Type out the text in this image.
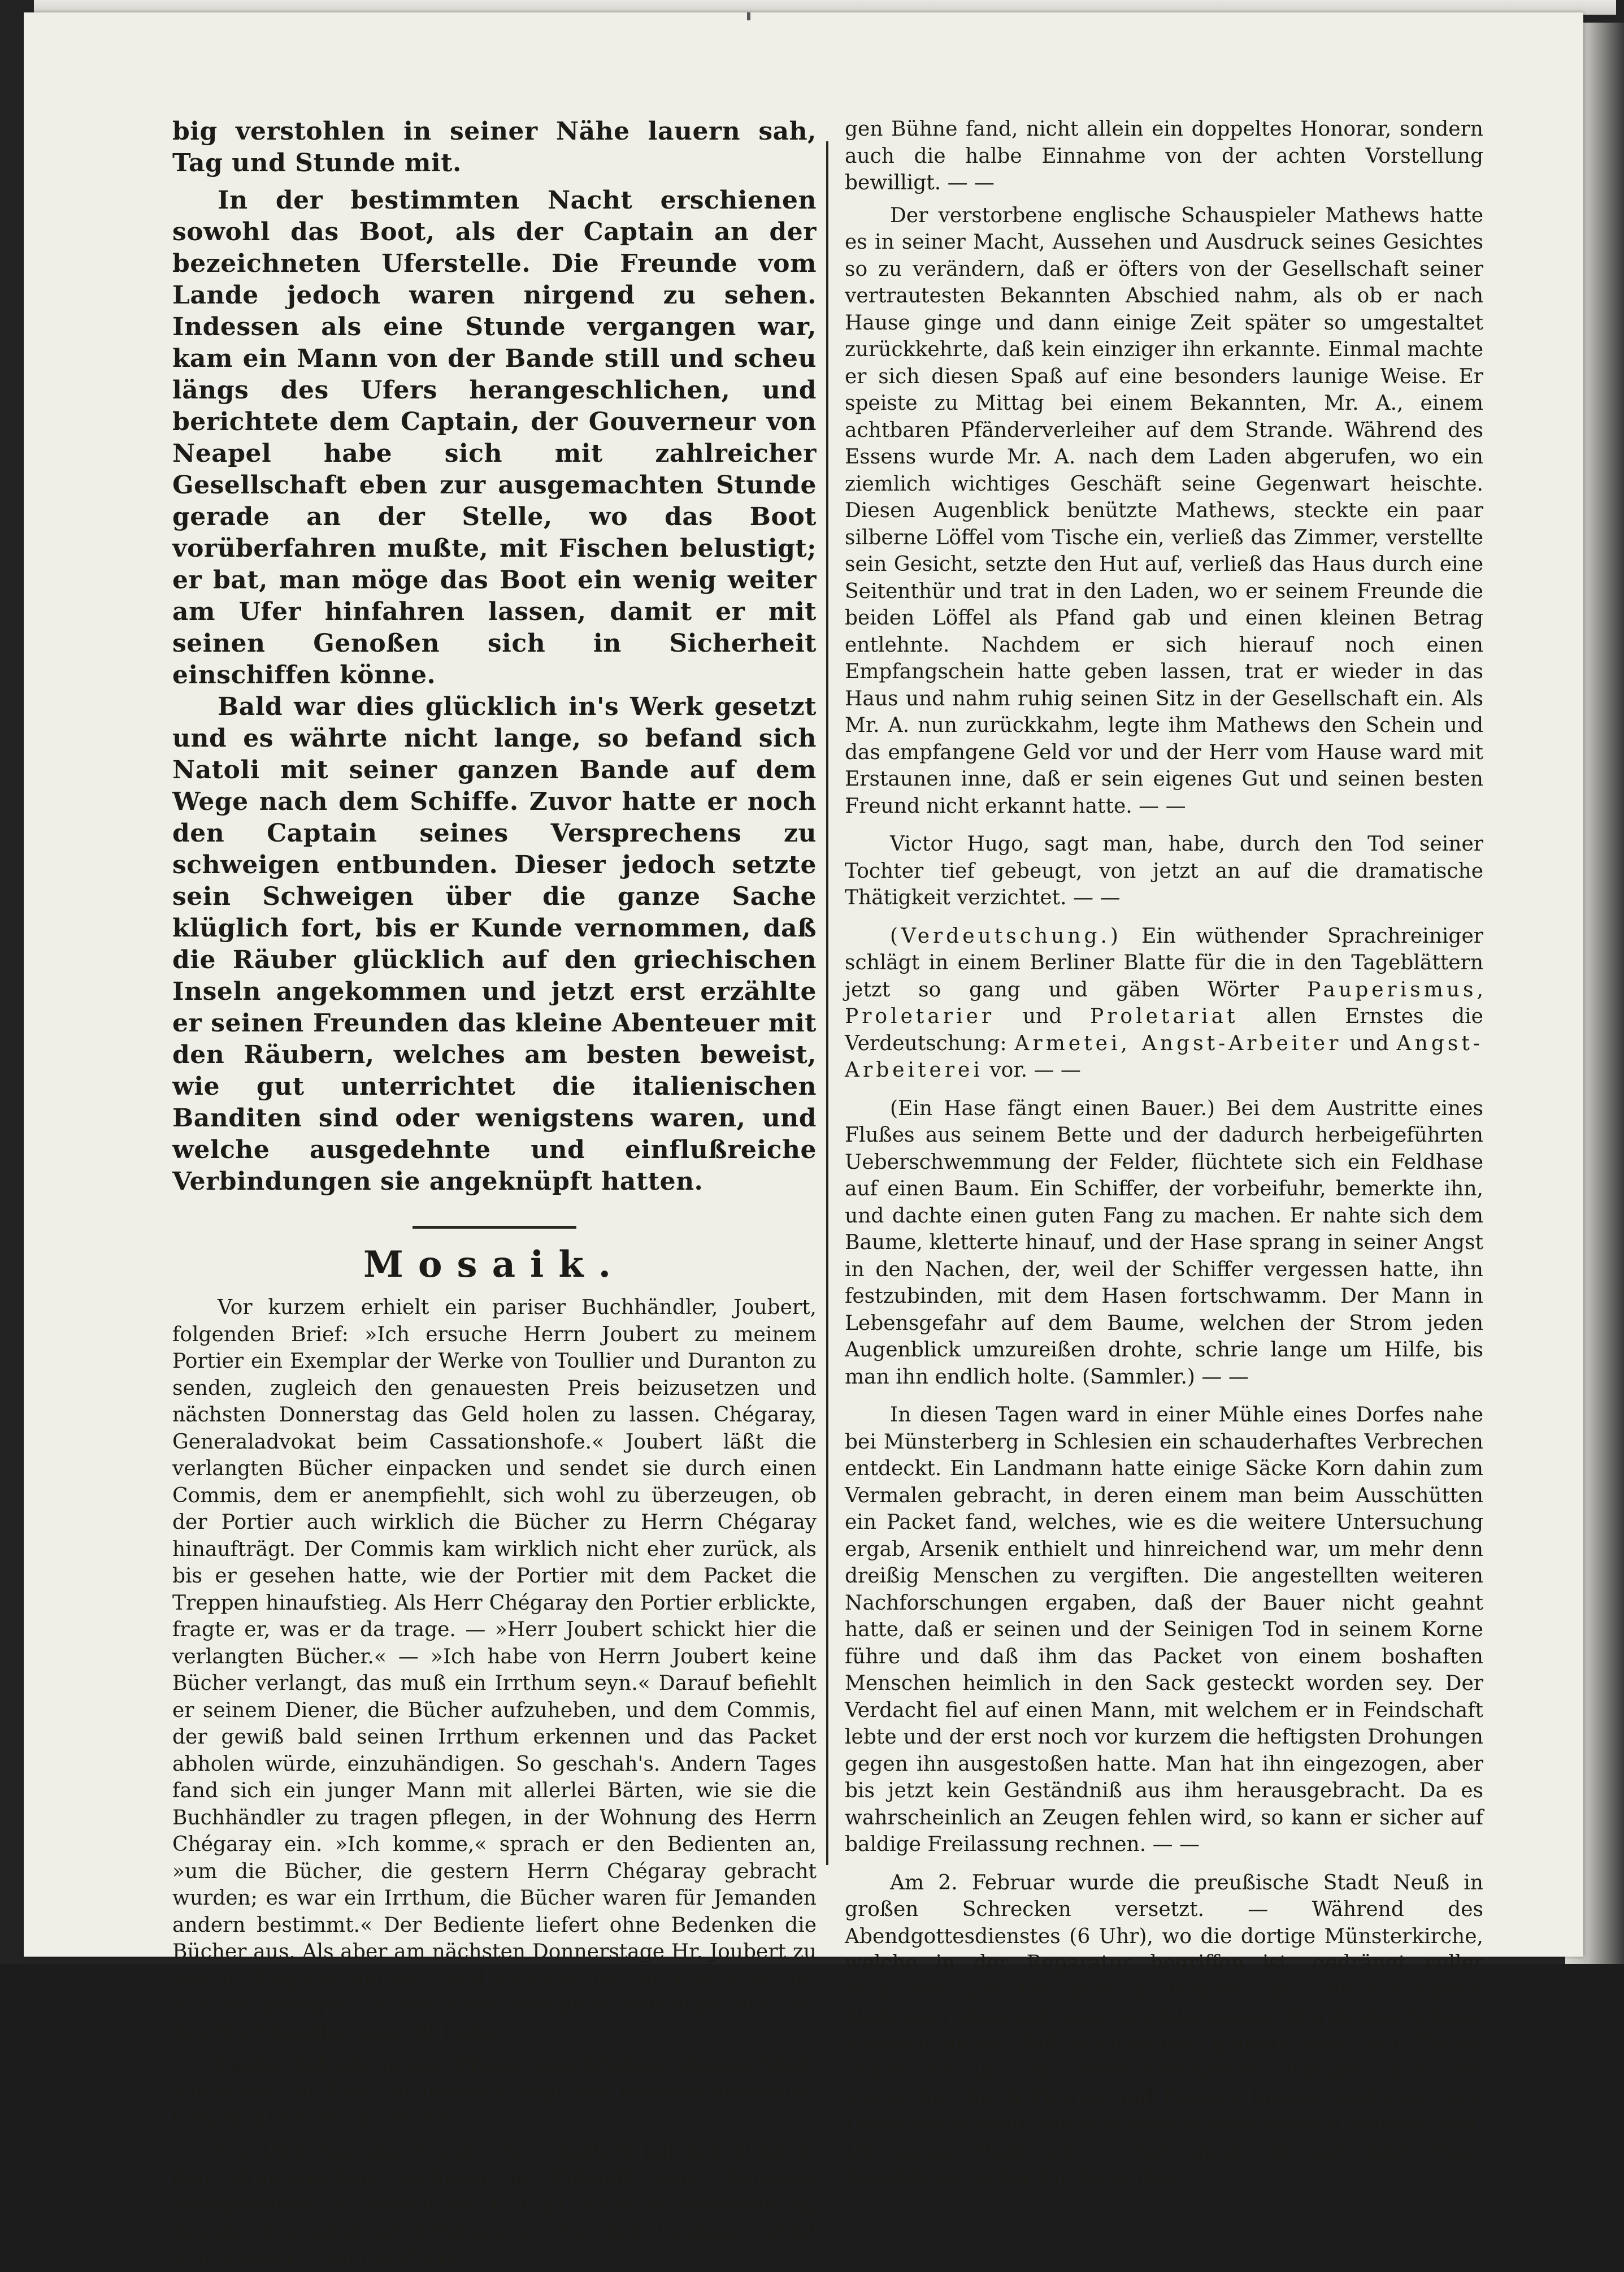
big verstohlen in seiner Nähe lauern sah, Tag und Stunde mit.

In der bestimmten Nacht erschienen sowohl das Boot, als der Captain an der bezeichneten Uferstelle. Die Freunde vom Lande jedoch waren nirgend zu sehen. Indessen als eine Stunde vergangen war, kam ein Mann von der Bande still und scheu längs des Ufers herangeschlichen, und berichtete dem Captain, der Gouverneur von Neapel habe sich mit zahlreicher Gesellschaft eben zur ausgemachten Stunde gerade an der Stelle, wo das Boot vorüberfahren mußte, mit Fischen belustigt; er bat, man möge das Boot ein wenig weiter am Ufer hinfahren lassen, damit er mit seinen Genoßen sich in Sicherheit einschiffen könne.

Bald war dies glücklich in's Werk gesetzt und es währte nicht lange, so befand sich Natoli mit seiner ganzen Bande auf dem Wege nach dem Schiffe. Zuvor hatte er noch den Captain seines Versprechens zu schweigen entbunden. Dieser jedoch setzte sein Schweigen über die ganze Sache klüglich fort, bis er Kunde vernommen, daß die Räuber glücklich auf den griechischen Inseln angekommen und jetzt erst erzählte er seinen Freunden das kleine Abenteuer mit den Räubern, welches am besten beweist, wie gut unterrichtet die italienischen Banditen sind oder wenigstens waren, und welche ausgedehnte und einflußreiche Verbindungen sie angeknüpft hatten.

Mosaik.

Vor kurzem erhielt ein pariser Buchhändler, Joubert, folgenden Brief: »Ich ersuche Herrn Joubert zu meinem Portier ein Exemplar der Werke von Toullier und Duranton zu senden, zugleich den genauesten Preis beizusetzen und nächsten Donnerstag das Geld holen zu lassen. Chégaray, Generaladvokat beim Cassationshofe.« Joubert läßt die verlangten Bücher einpacken und sendet sie durch einen Commis, dem er anempfiehlt, sich wohl zu überzeugen, ob der Portier auch wirklich die Bücher zu Herrn Chégaray hinaufträgt. Der Commis kam wirklich nicht eher zurück, als bis er gesehen hatte, wie der Portier mit dem Packet die Treppen hinaufstieg. Als Herr Chégaray den Portier erblickte, fragte er, was er da trage. — »Herr Joubert schickt hier die verlangten Bücher.« — »Ich habe von Herrn Joubert keine Bücher verlangt, das muß ein Irrthum seyn.« Darauf befiehlt er seinem Diener, die Bücher aufzuheben, und dem Commis, der gewiß bald seinen Irrthum erkennen und das Packet abholen würde, einzuhändigen. So geschah's. Andern Tages fand sich ein junger Mann mit allerlei Bärten, wie sie die Buchhändler zu tragen pflegen, in der Wohnung des Herrn Chégaray ein. »Ich komme,« sprach er den Bedienten an, »um die Bücher, die gestern Herrn Chégaray gebracht wurden; es war ein Irrthum, die Bücher waren für Jemanden andern bestimmt.« Der Bediente liefert ohne Bedenken die Bücher aus. Als aber am nächsten Donnerstage Hr. Joubert zu Herrn Chégaray um das Geld schickte, da klärte es sich auf, daß ein pfiffiger Gauner diese Irrthümer herbeigeführt und den Buchhändler geprellt hatte. — —

Laube hat ein neues Drama geschrieben, dessen Stoff, wie schon der Titel »Struensee« zeigt, der neueren dänischen Geschichte entnommen ist. — —

Die Direktion des Frankfurter Theaters hat beschlossen, den dramatischen Dichtern in Zukunft eine Tantième zuzugestehen. So erhielt Dr. K. Gutzkow in Anerkennung des überaus günstigen Erfolges, welchen sein Lustspiel »Zopf und Schwert« auf der dorti-

gen Bühne fand, nicht allein ein doppeltes Honorar, sondern auch die halbe Einnahme von der achten Vorstellung bewilligt. — —

Der verstorbene englische Schauspieler Mathews hatte es in seiner Macht, Aussehen und Ausdruck seines Gesichtes so zu verändern, daß er öfters von der Gesellschaft seiner vertrautesten Bekannten Abschied nahm, als ob er nach Hause ginge und dann einige Zeit später so umgestaltet zurückkehrte, daß kein einziger ihn erkannte. Einmal machte er sich diesen Spaß auf eine besonders launige Weise. Er speiste zu Mittag bei einem Bekannten, Mr. A., einem achtbaren Pfänderverleiher auf dem Strande. Während des Essens wurde Mr. A. nach dem Laden abgerufen, wo ein ziemlich wichtiges Geschäft seine Gegenwart heischte. Diesen Augenblick benützte Mathews, steckte ein paar silberne Löffel vom Tische ein, verließ das Zimmer, verstellte sein Gesicht, setzte den Hut auf, verließ das Haus durch eine Seitenthür und trat in den Laden, wo er seinem Freunde die beiden Löffel als Pfand gab und einen kleinen Betrag entlehnte. Nachdem er sich hierauf noch einen Empfangschein hatte geben lassen, trat er wieder in das Haus und nahm ruhig seinen Sitz in der Gesellschaft ein. Als Mr. A. nun zurückkahm, legte ihm Mathews den Schein und das empfangene Geld vor und der Herr vom Hause ward mit Erstaunen inne, daß er sein eigenes Gut und seinen besten Freund nicht erkannt hatte. — —

Victor Hugo, sagt man, habe, durch den Tod seiner Tochter tief gebeugt, von jetzt an auf die dramatische Thätigkeit verzichtet. — —

(Verdeutschung.) Ein wüthender Sprachreiniger schlägt in einem Berliner Blatte für die in den Tageblättern jetzt so gang und gäben Wörter Pauperismus, Proletarier und Proletariat allen Ernstes die Verdeutschung: Armetei, Angst-Arbeiter und Angst-Arbeiterei vor. — —

(Ein Hase fängt einen Bauer.) Bei dem Austritte eines Flußes aus seinem Bette und der dadurch herbeigeführten Ueberschwemmung der Felder, flüchtete sich ein Feldhase auf einen Baum. Ein Schiffer, der vorbeifuhr, bemerkte ihn, und dachte einen guten Fang zu machen. Er nahte sich dem Baume, kletterte hinauf, und der Hase sprang in seiner Angst in den Nachen, der, weil der Schiffer vergessen hatte, ihn festzubinden, mit dem Hasen fortschwamm. Der Mann in Lebensgefahr auf dem Baume, welchen der Strom jeden Augenblick umzureißen drohte, schrie lange um Hilfe, bis man ihn endlich holte. (Sammler.) — —

In diesen Tagen ward in einer Mühle eines Dorfes nahe bei Münsterberg in Schlesien ein schauderhaftes Verbrechen entdeckt. Ein Landmann hatte einige Säcke Korn dahin zum Vermalen gebracht, in deren einem man beim Ausschütten ein Packet fand, welches, wie es die weitere Untersuchung ergab, Arsenik enthielt und hinreichend war, um mehr denn dreißig Menschen zu vergiften. Die angestellten weiteren Nachforschungen ergaben, daß der Bauer nicht geahnt hatte, daß er seinen und der Seinigen Tod in seinem Korne führe und daß ihm das Packet von einem boshaften Menschen heimlich in den Sack gesteckt worden sey. Der Verdacht fiel auf einen Mann, mit welchem er in Feindschaft lebte und der erst noch vor kurzem die heftigsten Drohungen gegen ihn ausgestoßen hatte. Man hat ihn eingezogen, aber bis jetzt kein Geständniß aus ihm herausgebracht. Da es wahrscheinlich an Zeugen fehlen wird, so kann er sicher auf baldige Freilassung rechnen. — —

Am 2. Februar wurde die preußische Stadt Neuß in großen Schrecken versetzt. — Während des Abendgottesdienstes (6 Uhr), wo die dortige Münsterkirche, welche in der Reparatur begriffen ist, gedrängt voller Menschen war, fiel oben im Thurme eine Leiter herunter, blieb aber oben auf dem Gewölbe liegen. Durch den Schlag, welchen dieser Fall verursachte, glaubte man, der Thurm stürze ein und die Menschenmassen drängten sich mit Ungestüm durch Thüren und Fenster hinaus, wodurch viele Leute theils mehr, theils minder schwer verletzt worden sind. Die ganze Stadt war in Aufregung, da fast jedes Haus Angehörige in der Kirche wußte. — —
